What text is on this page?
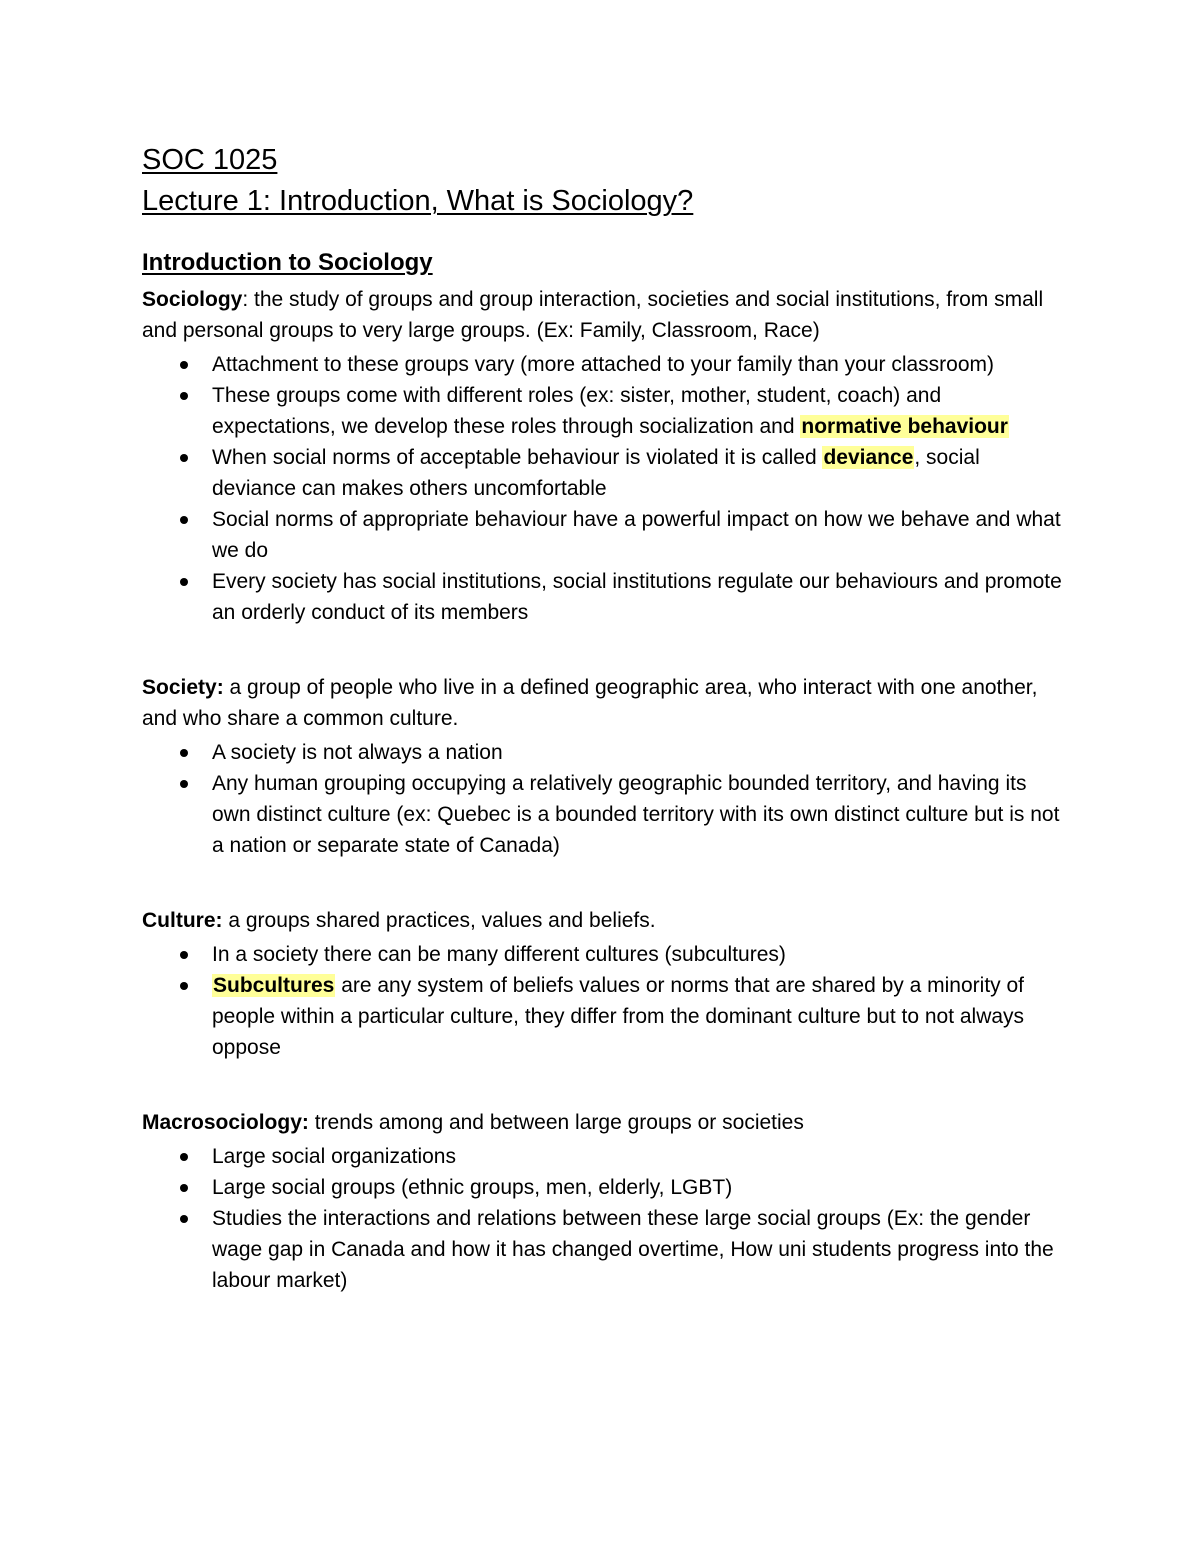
SOC 1025
Lecture 1: Introduction, What is Sociology?
Introduction to Sociology

Sociology: the study of groups and group interaction, societies and social institutions, from small and personal groups to very large groups. (Ex: Family, Classroom, Race)

Attachment to these groups vary (more attached to your family than your classroom)
These groups come with different roles (ex: sister, mother, student, coach) and expectations, we develop these roles through socialization and normative behaviour
When social norms of acceptable behaviour is violated it is called deviance, social deviance can makes others uncomfortable
Social norms of appropriate behaviour have a powerful impact on how we behave and what we do
Every society has social institutions, social institutions regulate our behaviours and promote an orderly conduct of its members

Society: a group of people who live in a defined geographic area, who interact with one another, and who share a common culture.

A society is not always a nation
Any human grouping occupying a relatively geographic bounded territory, and having its own distinct culture (ex: Quebec is a bounded territory with its own distinct culture but is not a nation or separate state of Canada)

Culture: a groups shared practices, values and beliefs.

In a society there can be many different cultures (subcultures)
Subcultures are any system of beliefs values or norms that are shared by a minority of people within a particular culture, they differ from the dominant culture but to not always oppose

Macrosociology: trends among and between large groups or societies

Large social organizations
Large social groups (ethnic groups, men, elderly, LGBT)
Studies the interactions and relations between these large social groups (Ex: the gender wage gap in Canada and how it has changed overtime, How uni students progress into the labour market)
